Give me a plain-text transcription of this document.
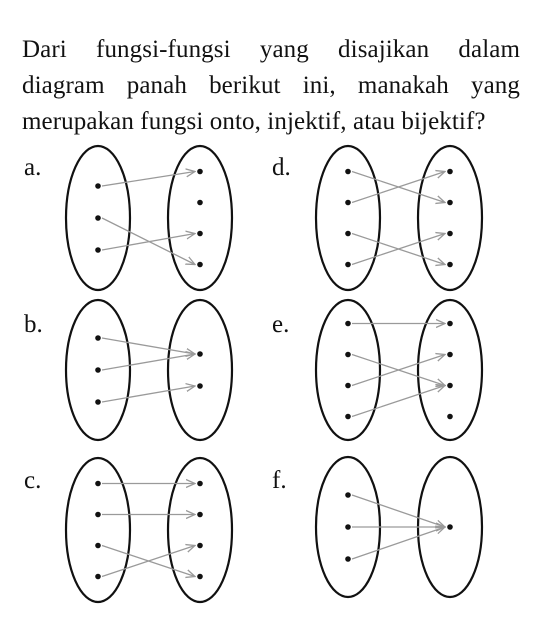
Dari fungsi-fungsi yang disajikan dalam
diagram panah berikut ini, manakah yang
merupakan fungsi onto, injektif, atau bijektif?
a.	d.
b.	e.
c.	f.
